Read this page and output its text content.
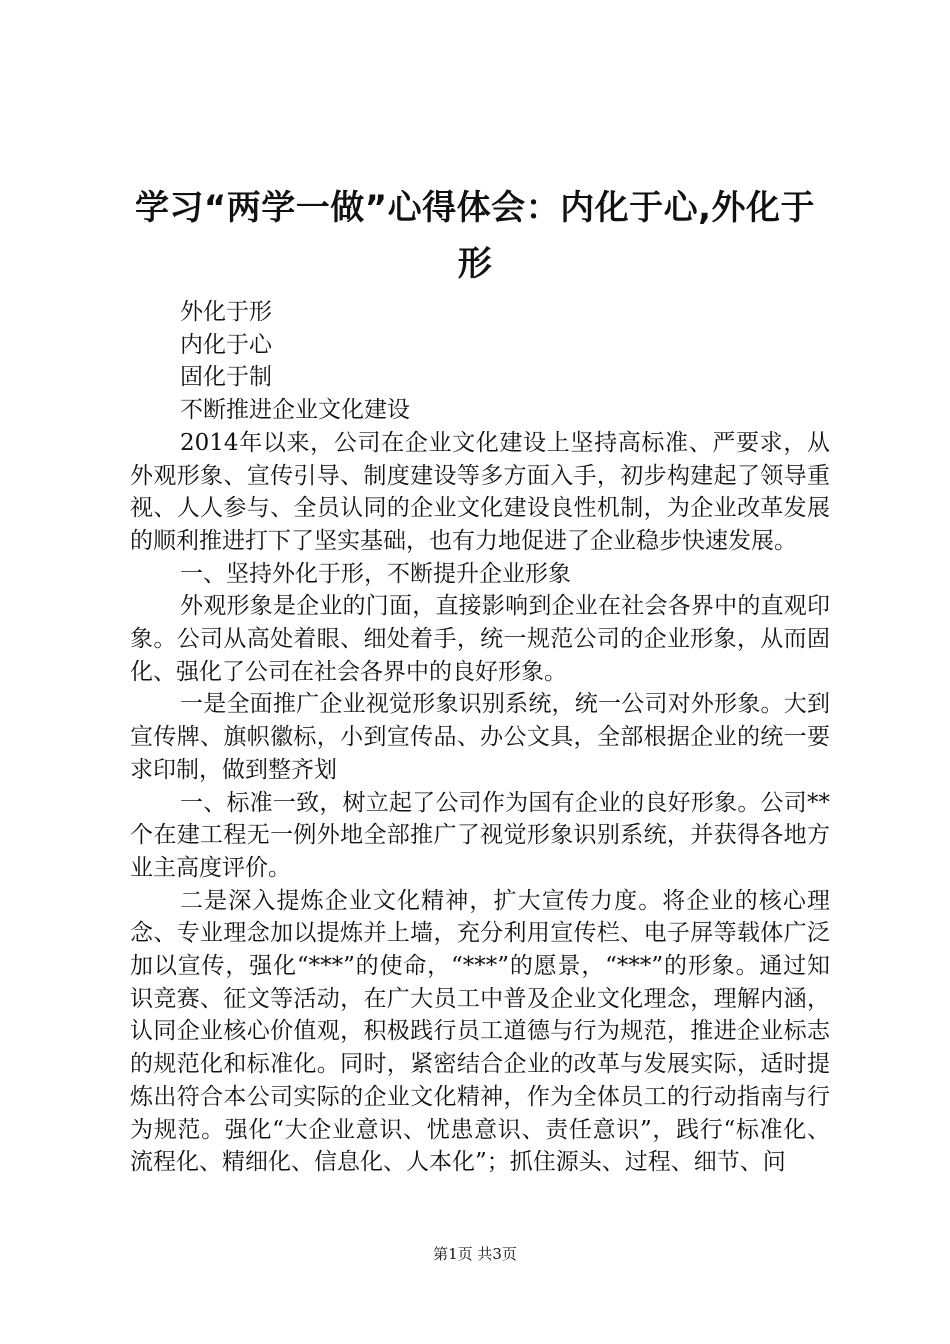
学习“两学一做”心得体会：内化于心,外化于形

外化于形

内化于心

固化于制

不断推进企业文化建设

2014年以来，公司在企业文化建设上坚持高标准、严要求，从外观形象、宣传引导、制度建设等多方面入手，初步构建起了领导重视、人人参与、全员认同的企业文化建设良性机制，为企业改革发展的顺利推进打下了坚实基础，也有力地促进了企业稳步快速发展。

一、坚持外化于形，不断提升企业形象

外观形象是企业的门面，直接影响到企业在社会各界中的直观印象。公司从高处着眼、细处着手，统一规范公司的企业形象，从而固化、强化了公司在社会各界中的良好形象。

一是全面推广企业视觉形象识别系统，统一公司对外形象。大到宣传牌、旗帜徽标，小到宣传品、办公文具，全部根据企业的统一要求印制，做到整齐划

一、标准一致，树立起了公司作为国有企业的良好形象。公司**个在建工程无一例外地全部推广了视觉形象识别系统，并获得各地方业主高度评价。

二是深入提炼企业文化精神，扩大宣传力度。将企业的核心理念、专业理念加以提炼并上墙，充分利用宣传栏、电子屏等载体广泛加以宣传，强化“***”的使命，“***”的愿景，“***”的形象。通过知识竞赛、征文等活动，在广大员工中普及企业文化理念，理解内涵，认同企业核心价值观，积极践行员工道德与行为规范，推进企业标志的规范化和标准化。同时，紧密结合企业的改革与发展实际，适时提炼出符合本公司实际的企业文化精神，作为全体员工的行动指南与行为规范。强化“大企业意识、忧患意识、责任意识”，践行“标准化、流程化、精细化、信息化、人本化”；抓住源头、过程、细节、问

第1页 共3页
